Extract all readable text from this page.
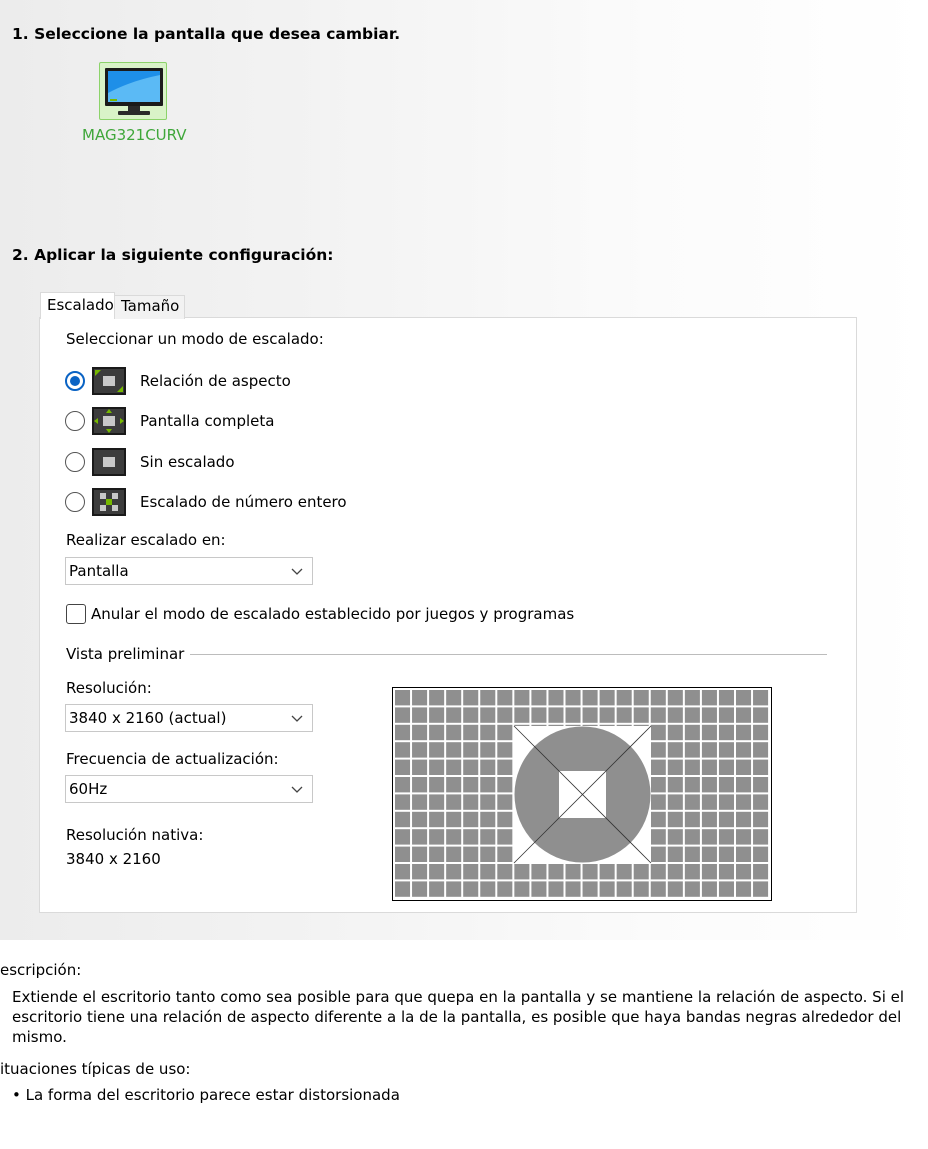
1. Seleccione la pantalla que desea cambiar.
MAG321CURV
2. Aplicar la siguiente configuración:
Escalado Tamaño
Seleccionar un modo de escalado:
Relación de aspecto
Pantalla completa
Sin escalado
Escalado de número entero
Realizar escalado en:
Pantalla
Anular el modo de escalado establecido por juegos y programas
Vista preliminar
Resolución:
3840 x 2160 (actual)
Frecuencia de actualización:
60Hz
Resolución nativa:
3840 x 2160
escripción:
Extiende el escritorio tanto como sea posible para que quepa en la pantalla y se mantiene la relación de aspecto. Si el escritorio tiene una relación de aspecto diferente a la de la pantalla, es posible que haya bandas negras alrededor del mismo.
ituaciones típicas de uso:
• La forma del escritorio parece estar distorsionada
